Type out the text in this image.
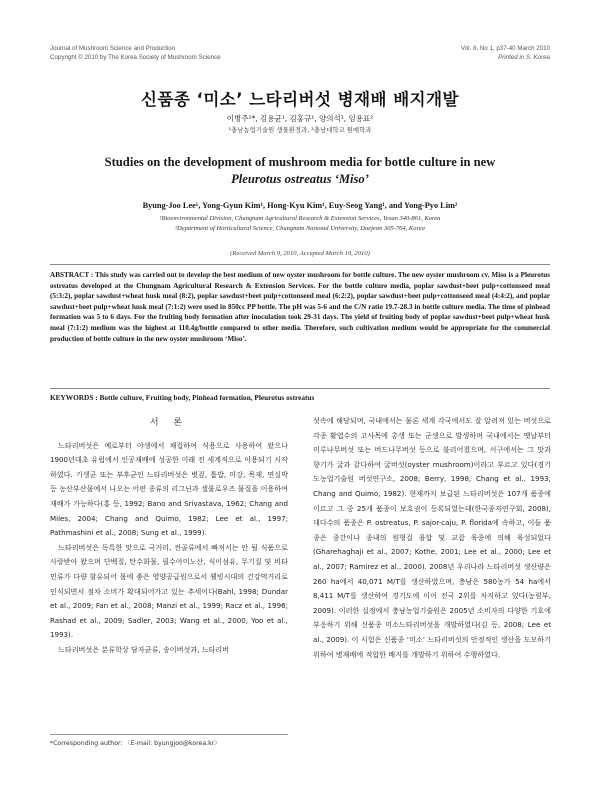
Journal of Mushroom Science and Production
Copyright © 2010 by The Korea Society of Mushroom Science
Vol. 8, No 1, p37-40 March 2010
Printed in S. Korea
신품종 ‘미소’ 느타리버섯 병재배 배지개발
이병주¹*, 김용균¹, 김홍규¹, 양의석¹, 임용표²
¹충남농업기술원 생물환경과, ²충남대학교 원예학과
Studies on the development of mushroom media for bottle culture in new
Pleurotus ostreatus ‘Miso’
Byung-Joo Lee¹, Yong-Gyun Kim¹, Hong-Kyu Kim¹, Euy-Seog Yang¹, and Yong-Pyo Lim²
¹Bioenvironmental Division, Chungnam Agricultural Research & Extension Services, Yesan 340-861, Korea
²Department of Horticultural Science, Chungnam National University, Daejeon 305-764, Korea
(Received March 9, 2010, Accepted March 19, 2010)
ABSTRACT : This study was carried out to develop the best medium of new oyster mushroom for bottle culture. The new oyster mushroom cv. Miso is a Pleurotus ostreatus developed at the Chungnam Agricultural Research & Extension Services. For the bottle culture media, poplar sawdust+beet pulp+cottonseed meal (5:3:2), poplar sawdust+wheat husk meal (8:2), poplar sawdust+beet pulp+cottonseed meal (6:2:2), poplar sawdust+beet pulp+cottonseed meal (4:4:2), and poplar sawdust+beet pulp+wheat husk meal (7:1:2) were used in 850cc PP bottle. The pH was 5-6 and the C/N ratio 19.7-28.3 in bottle culture media. The time of pinhead formation was 5 to 6 days. For the fruiting body formation after inoculation took 29-31 days. The yield of fruiting body of poplar sawdust+beet pulp+wheat husk meal (7:1:2) medium was the highest at 110.4g/bottle compared to other media. Therefore, such cultivation medium would be appropriate for the commercial production of bottle culture in the new oyster mushroom ‘Miso’.
KEYWORDS : Bottle culture, Fruiting body, Pinhead formation, Pleurotus ostreatus
서 론

느타리버섯은 예로부터 야생에서 채집하여 식용으로 사용하여 왔으나 1900년대초 유럽에서 인공재배에 성공한 이래 전 세계적으로 이용되기 시작하였다. 기생균 또는 부후균인 느타리버섯은 볏짚, 톱밥, 미강, 목재, 면실박 등 농산부산물에서 나오는 어떤 종류의 리그닌과 셀룰로우즈 물질을 이용하여 재배가 가능하다(홍 등, 1992; Bano and Srivastava, 1962; Chang and Miles, 2004; Chang and Quimo, 1982; Lee et al., 1997; Pathmashini et al., 2008; Sung et al., 1999).

느타리버섯은 독특한 맛으로 국거리, 전골류에서 빠져서는 안 될 식품으로 사랑받아 왔으며 단백질, 탄수화물, 필수아미노산, 식이섬유, 무기질 및 비타민류가 다량 함유되어 몸에 좋은 영양공급원으로서 웰빙시대의 건강먹거리로 인식되면서 점차 소비가 확대되어가고 있는 추세이다(Bahl, 1998; Dundar et al., 2009; Fan et al., 2008; Manzi et al., 1999; Racz et al., 1996; Rashad et al., 2009; Sadler, 2003; Wang et al., 2000, Yoo et al., 1993).

느타리버섯은 분류학상 담자균류, 송이버섯과, 느타리버

섯속에 해당되며, 국내에서는 물론 세계 각국에서도 잘 알려져 있는 버섯으로 각종 활엽수의 고사목에 총생 또는 군생으로 발생하며 국내에서는 옛날부터 미루나무버섯 또는 버드나무버섯 등으로 불리어졌으며, 서구에서는 그 맛과 향기가 굴과 같다하여 굴버섯(oyster mushroom)이라고 부르고 있다(경기도농업기술원 버섯연구소, 2008; Berry, 1998; Chang et al., 1993; Chang and Quimo, 1982). 현재까지 보급된 느타리버섯은 107개 품종에 이르고 그 중 25개 품종이 보호권이 등록되었는데(한국종자연구회, 2008), 대다수의 품종은 P. ostreatus, P. sajor-caju, P. florida에 속하고, 이들 품종은 종간이나 종내의 원형질 융합 및 교잡 육종에 의해 육성되었다(Gharehaghaji et al., 2007; Kothe, 2001; Lee et al., 2000; Lee et al., 2007; Ramirez et al., 2000). 2008년 우리나라 느타리버섯 생산량은 260 ha에서 40,071 M/T를 생산하였으며, 충남은 580농가 54 ha에서 8,411 M/T를 생산하여 경기도에 이어 전국 2위를 차지하고 있다(농림부, 2009). 이러한 실정에서 충남농업기술원은 2005년 소비자의 다양한 기호에 부응하기 위해 신품종 미소느타리버섯을 개발하였다(김 등, 2008; Lee et al., 2009). 이 시험은 신품종 ‘미소’ 느타리버섯의 안정적인 생산을 도모하기 위하여 병재배에 적합한 배지를 개발하기 위하여 수행하였다.

*Corresponding author: 〈E-mail: byungjoo@korea.kr〉
